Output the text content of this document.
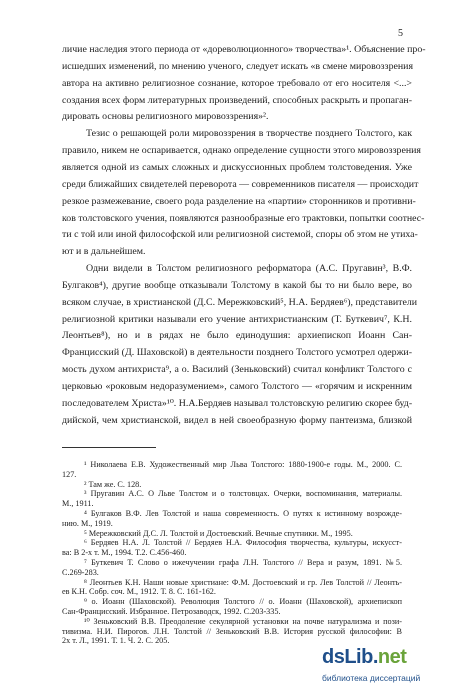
5
личие наследия этого периода от «дореволюционного» творчества»¹. Объяснение про-
исшедших изменений, по мнению ученого, следует искать «в смене мировоззрения
автора на активно религиозное сознание, которое требовало от его носителя <...>
создания всех форм литературных произведений, способных раскрыть и пропаган-
дировать основы религиозного мировоззрения»².
Тезис о решающей роли мировоззрения в творчестве позднего Толстого, как
правило, никем не оспаривается, однако определение сущности этого мировоззрения
является одной из самых сложных и дискуссионных проблем толстоведения. Уже
среди ближайших свидетелей переворота — современников писателя — происходит
резкое размежевание, своего рода разделение на «партии» сторонников и противни-
ков толстовского учения, появляются разнообразные его трактовки, попытки соотнес-
ти с той или иной философской или религиозной системой, споры об этом не утиха-
ют и в дальнейшем.
Одни видели в Толстом религиозного реформатора (А.С. Пругавин³, В.Ф.
Булгаков⁴), другие вообще отказывали Толстому в какой бы то ни было вере, во
всяком случае, в христианской (Д.С. Мережковский⁵, Н.А. Бердяев⁶), представители
религиозной критики называли его учение антихристианским (Т. Буткевич⁷, К.Н.
Леонтьев⁸), но и в рядах не было единодушия: архиепископ Иоанн Сан-
Францисский (Д. Шаховской) в деятельности позднего Толстого усмотрел одержи-
мость духом антихриста⁹, а о. Василий (Зеньковский) считал конфликт Толстого с
церковью «роковым недоразумением», самого Толстого — «горячим и искренним
последователем Христа»¹⁰. Н.А.Бердяев называл толстовскую религию скорее буд-
дийской, чем христианской, видел в ней своеобразную форму пантеизма, близкой
¹ Николаева Е.В. Художественный мир Льва Толстого: 1880-1900-е годы. М., 2000. С.
127.
² Там же. С. 128.
³ Пругавин А.С. О Льве Толстом и о толстовцах. Очерки, воспоминания, материалы.
М., 1911.
⁴ Булгаков В.Ф. Лев Толстой и наша современность. О путях к истинному возрожде-
нию. М., 1919.
⁵ Мережковский Д.С. Л. Толстой и Достоевский. Вечные спутники. М., 1995.
⁶ Бердяев Н.А. Л. Толстой // Бердяев Н.А. Философия творчества, культуры, искусст-
ва: В 2-х т. М., 1994. Т.2. С.456-460.
⁷ Буткевич Т. Слово о ижечучении графа Л.Н. Толстого // Вера и разум, 1891. №5.
С.269-283.
⁸ Леонтьев К.Н. Наши новые христиане: Ф.М. Достоевский и гр. Лев Толстой // Леонть-
ев К.Н. Собр. соч. М., 1912. Т. 8. С. 161-162.
⁹ о. Иоанн (Шаховской). Революция Толстого // о. Иоанн (Шаховской), архиепископ
Сан-Францисский. Избранное. Петрозаводск, 1992. С.203-335.
¹⁰ Зеньковский В.В. Преодоление секулярной установки на почве натурализма и пози-
тивизма. Н.И. Пирогов. Л.Н. Толстой // Зеньковский В.В. История русской философии: В
2х т. Л., 1991. Т. 1. Ч. 2. С. 205.
dsLib.net
библиотека диссертаций
